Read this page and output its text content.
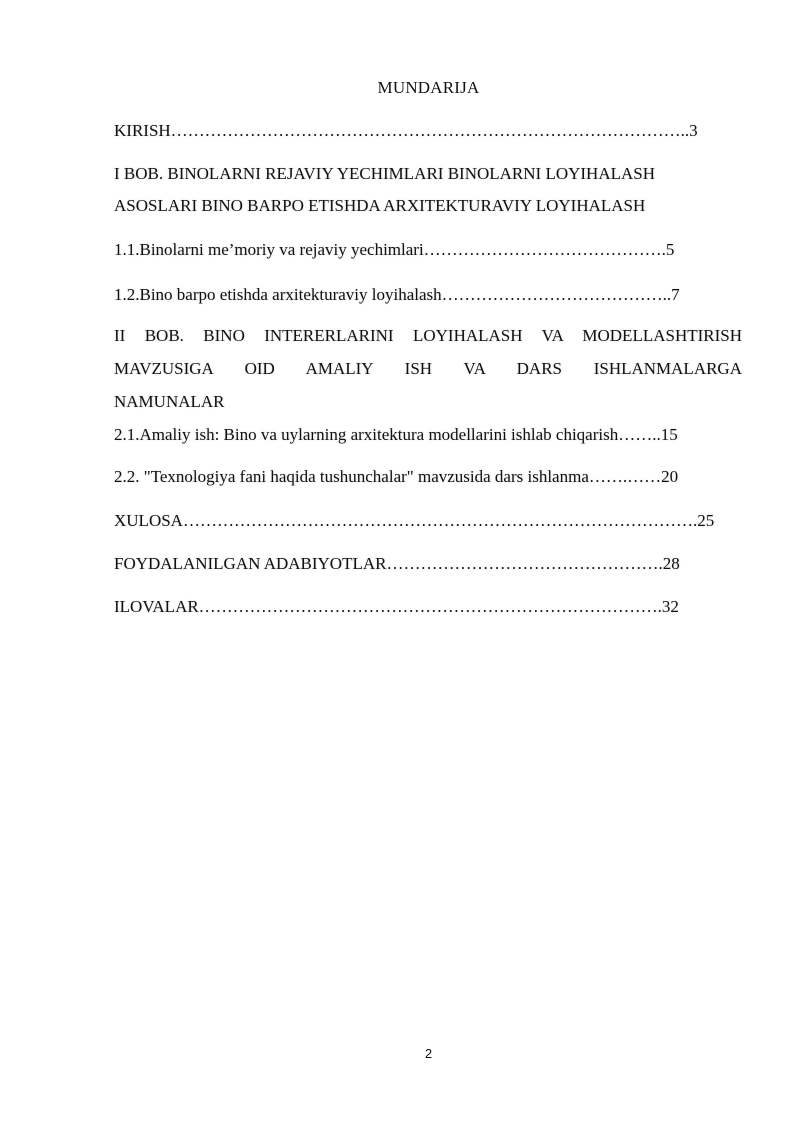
MUNDARIJA
KIRISH………………………………………………………………………………..3
I BOB. BINOLARNI REJAVIY YECHIMLARI BINOLARNI LOYIHALASH
ASOSLARI BINO BARPO ETISHDA ARXITEKTURAVIY LOYIHALASH
1.1.Binolarni me’moriy va rejaviy yechimlari…………………………………….5
1.2.Bino barpo etishda arxitekturaviy loyihalash…………………………………..7
II BOB. BINO INTERERLARINI LOYIHALASH VA MODELLASHTIRISH
MAVZUSIGA OID AMALIY ISH VA DARS ISHLANMALARGA
NAMUNALAR
2.1.Amaliy ish: Bino va uylarning arxitektura modellarini ishlab chiqarish……..15
2.2. "Texnologiya fani haqida tushunchalar" mavzusida dars ishlanma…….……20
XULOSA……………………………………………………………………………….25
FOYDALANILGAN ADABIYOTLAR………………………………………….28
ILOVALAR……………………………………………………………………….32
2
